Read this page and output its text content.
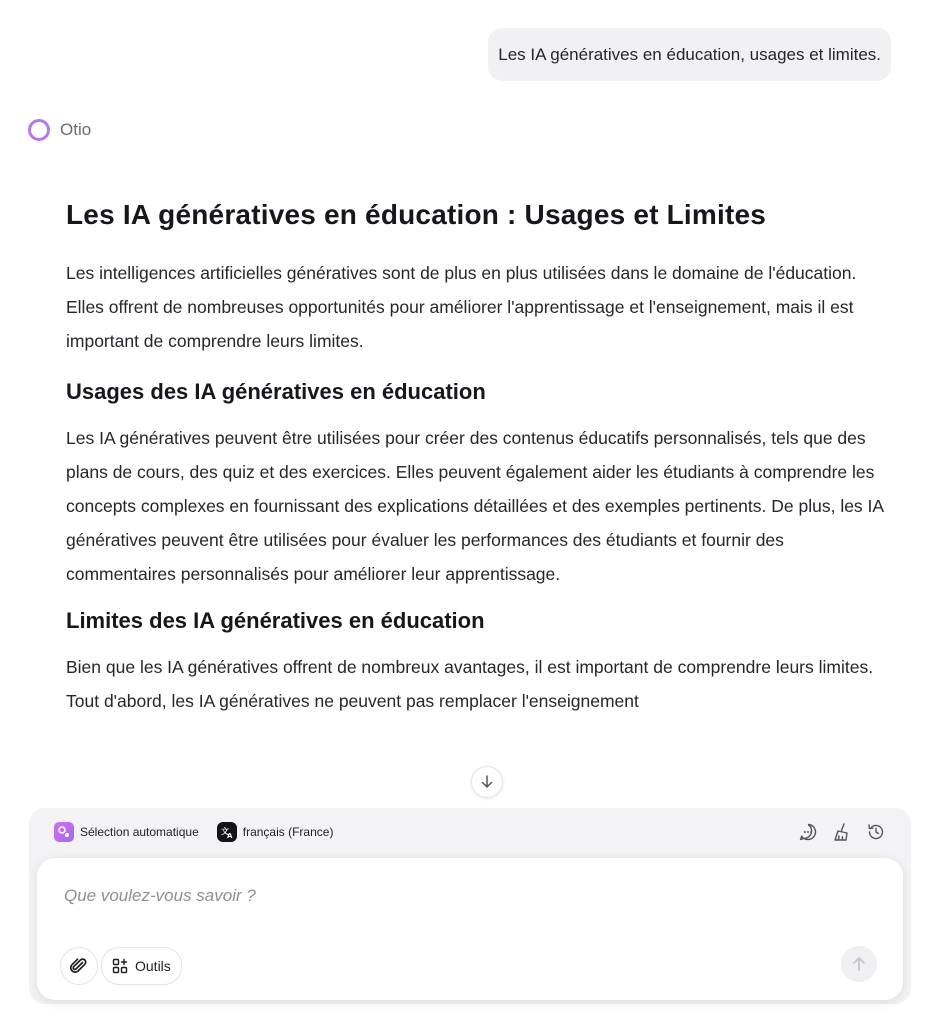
Les IA génératives en éducation, usages et limites.
Otio
Les IA génératives en éducation : Usages et Limites

Les intelligences artificielles génératives sont de plus en plus utilisées dans le domaine de l'éducation. Elles offrent de nombreuses opportunités pour améliorer l'apprentissage et l'enseignement, mais il est important de comprendre leurs limites.

Usages des IA génératives en éducation

Les IA génératives peuvent être utilisées pour créer des contenus éducatifs personnalisés, tels que des plans de cours, des quiz et des exercices. Elles peuvent également aider les étudiants à comprendre les concepts complexes en fournissant des explications détaillées et des exemples pertinents. De plus, les IA génératives peuvent être utilisées pour évaluer les performances des étudiants et fournir des commentaires personnalisés pour améliorer leur apprentissage.

Limites des IA génératives en éducation

Bien que les IA génératives offrent de nombreux avantages, il est important de comprendre leurs limites. Tout d'abord, les IA génératives ne peuvent pas remplacer l'enseignement

Sélection automatique	文
A français (France)
Que voulez-vous savoir ?
Outils
